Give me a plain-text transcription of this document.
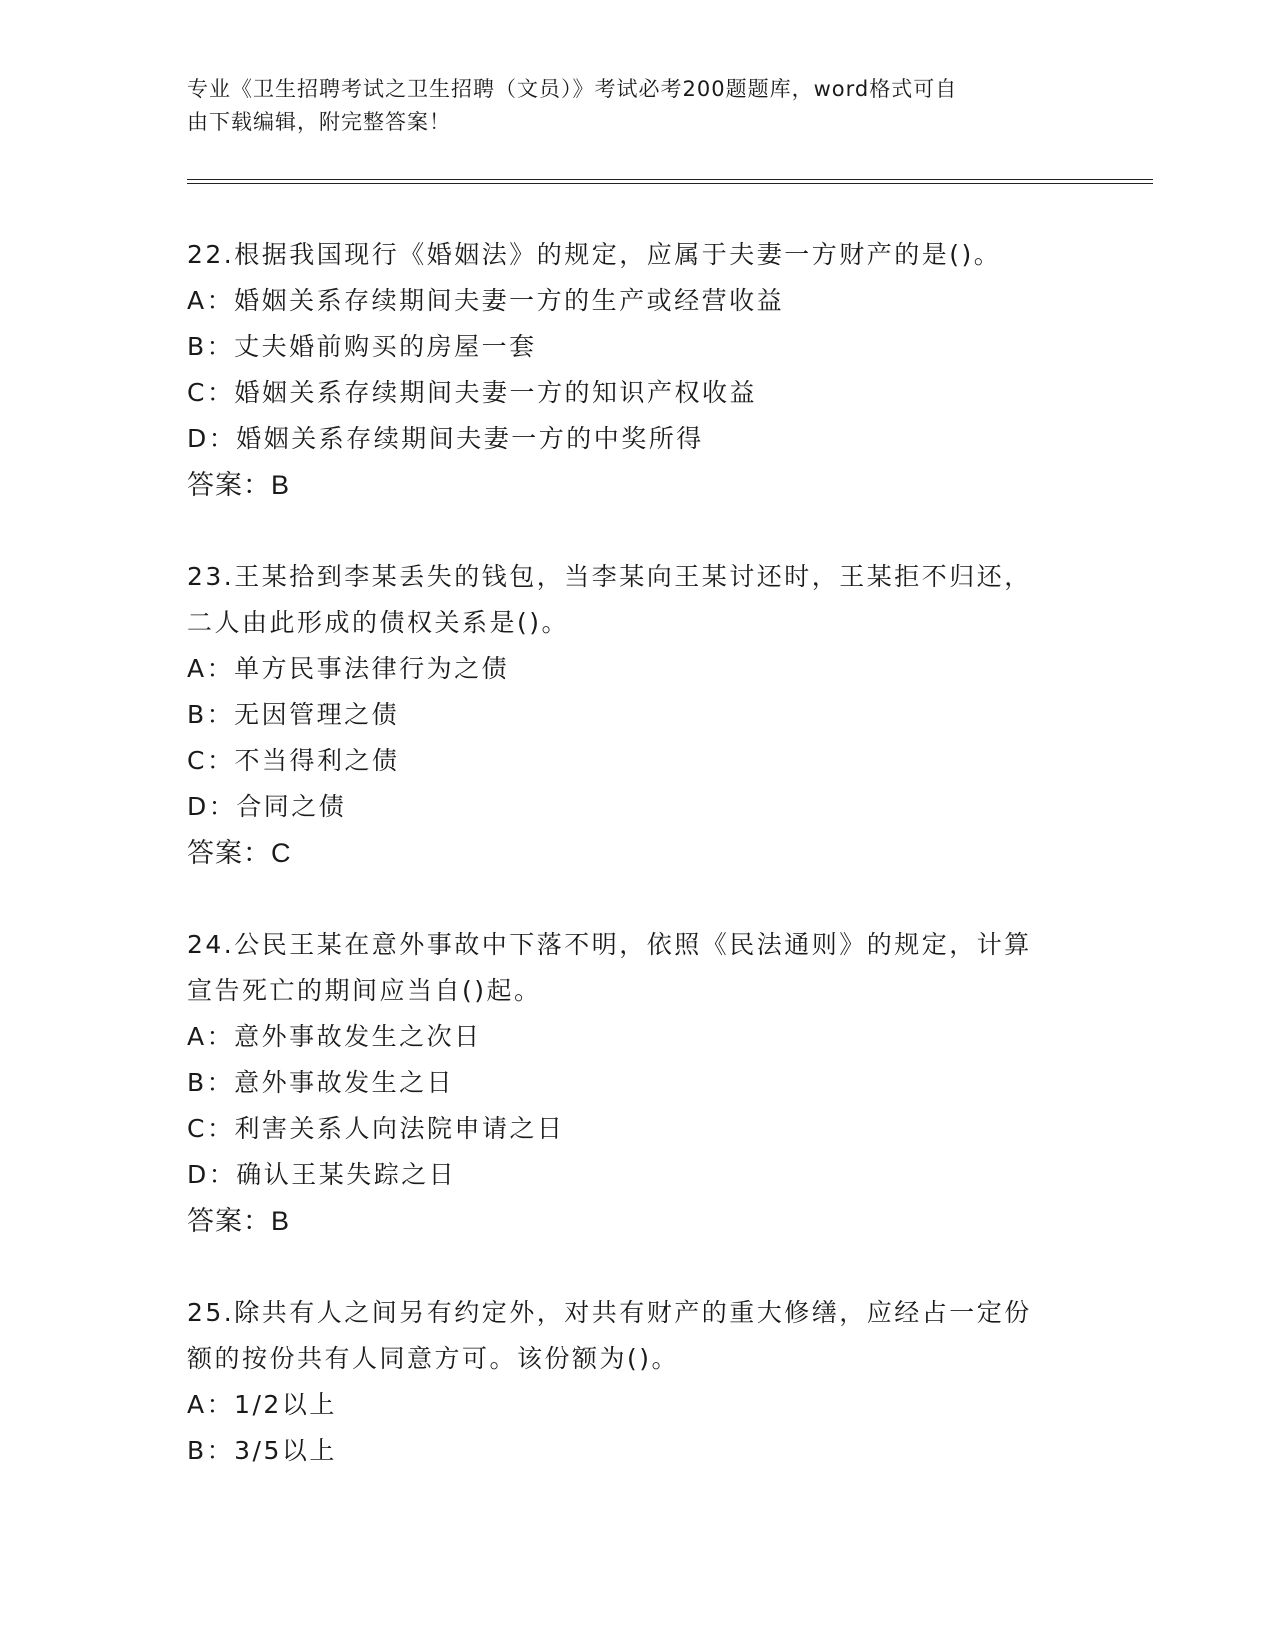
专业《卫生招聘考试之卫生招聘（文员）》考试必考200题题库，word格式可自
由下载编辑，附完整答案！

22.根据我国现行《婚姻法》的规定，应属于夫妻一方财产的是()。

A：婚姻关系存续期间夫妻一方的生产或经营收益

B：丈夫婚前购买的房屋一套

C：婚姻关系存续期间夫妻一方的知识产权收益

D：婚姻关系存续期间夫妻一方的中奖所得

答案：B

23.王某拾到李某丢失的钱包，当李某向王某讨还时，王某拒不归还，

二人由此形成的债权关系是()。

A：单方民事法律行为之债

B：无因管理之债

C：不当得利之债

D：合同之债

答案：C

24.公民王某在意外事故中下落不明，依照《民法通则》的规定，计算

宣告死亡的期间应当自()起。

A：意外事故发生之次日

B：意外事故发生之日

C：利害关系人向法院申请之日

D：确认王某失踪之日

答案：B

25.除共有人之间另有约定外，对共有财产的重大修缮，应经占一定份

额的按份共有人同意方可。该份额为()。

A：1/2以上

B：3/5以上
